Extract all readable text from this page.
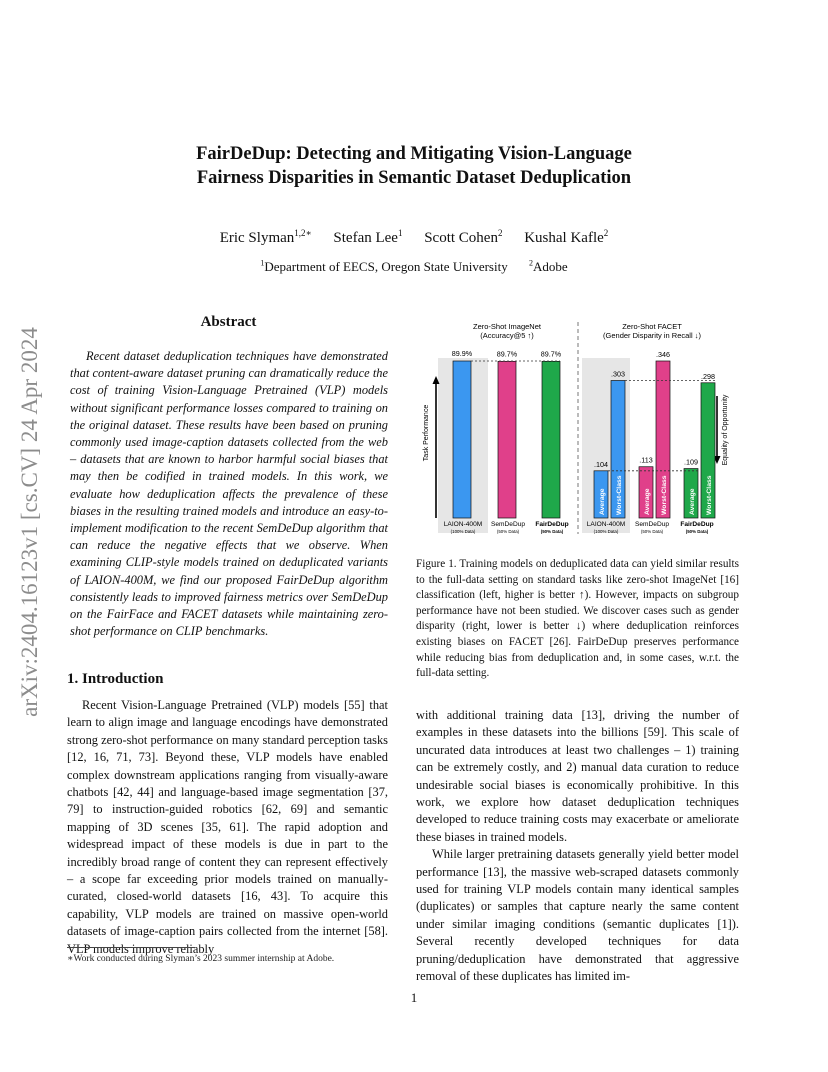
arXiv:2404.16123v1 [cs.CV] 24 Apr 2024
FairDeDup: Detecting and Mitigating Vision-Language
Fairness Disparities in Semantic Dataset Deduplication
Eric Slyman$^{1,2∗}$ Stefan Lee$^1$ Scott Cohen$^2$ Kushal Kafle$^2$
$^1$Department of EECS, Oregon State University	$^2$Adobe
Abstract

Recent dataset deduplication techniques have demonstrated that content-aware dataset pruning can dramatically reduce the cost of training Vision-Language Pretrained (VLP) models without significant performance losses compared to training on the original dataset. These results have been based on pruning commonly used image-caption datasets collected from the web – datasets that are known to harbor harmful social biases that may then be codified in trained models. In this work, we evaluate how deduplication affects the prevalence of these biases in the resulting trained models and introduce an easy-to-implement modification to the recent SemDeDup algorithm that can reduce the negative effects that we observe. When examining CLIP-style models trained on deduplicated variants of LAION-400M, we find our proposed FairDeDup algorithm consistently leads to improved fairness metrics over SemDeDup on the FairFace and FACET datasets while maintaining zero-shot performance on CLIP benchmarks.

1. Introduction

Recent Vision-Language Pretrained (VLP) models [55] that learn to align image and language encodings have demonstrated strong zero-shot performance on many standard perception tasks [12, 16, 71, 73]. Beyond these, VLP models have enabled complex downstream applications ranging from visually-aware chatbots [42, 44] and language-based image segmentation [37, 79] to instruction-guided robotics [62, 69] and semantic mapping of 3D scenes [35, 61]. The rapid adoption and widespread impact of these models is due in part to the incredibly broad range of content they can represent effectively – a scope far exceeding prior models trained on manually-curated, closed-world datasets [16, 43]. To acquire this capability, VLP models are trained on massive open-world datasets of image-caption pairs collected from the internet [58]. VLP models improve reliably

∗Work conducted during Slyman’s 2023 summer internship at Adobe.
Zero-Shot ImageNet
(Accuracy@5 ↑)
Zero-Shot FACET
(Gender Disparity in Recall ↓)
Task Performance	Equality of Opportunity
89.9%	89.7%	89.7%
.104
Average
.303
Worst-Class
.113
Average
.346
Worst-Class
.109
Average
.298
Worst-Class
LAION-400M SemDeDup FairDeDup
(100% Data)	(50% Data)	(50% Data)
LAION-400M SemDeDup FairDeDup
(100% Data)	(50% Data)	(50% Data)

Figure 1. Training models on deduplicated data can yield similar results to the full-data setting on standard tasks like zero-shot ImageNet [16] classification (left, higher is better ↑). However, impacts on subgroup performance have not been studied. We discover cases such as gender disparity (right, lower is better ↓) where deduplication reinforces existing biases on FACET [26]. FairDeDup preserves performance while reducing bias from deduplication and, in some cases, w.r.t. the full-data setting.

with additional training data [13], driving the number of examples in these datasets into the billions [59]. This scale of uncurated data introduces at least two challenges – 1) training can be extremely costly, and 2) manual data curation to reduce undesirable social biases is economically prohibitive. In this work, we explore how dataset deduplication techniques developed to reduce training costs may exacerbate or ameliorate these biases in trained models.

While larger pretraining datasets generally yield better model performance [13], the massive web-scraped datasets commonly used for training VLP models contain many identical samples (duplicates) or samples that capture nearly the same content under similar imaging conditions (semantic duplicates [1]). Several recently developed techniques for data pruning/deduplication have demonstrated that aggressive removal of these duplicates has limited im-

1
